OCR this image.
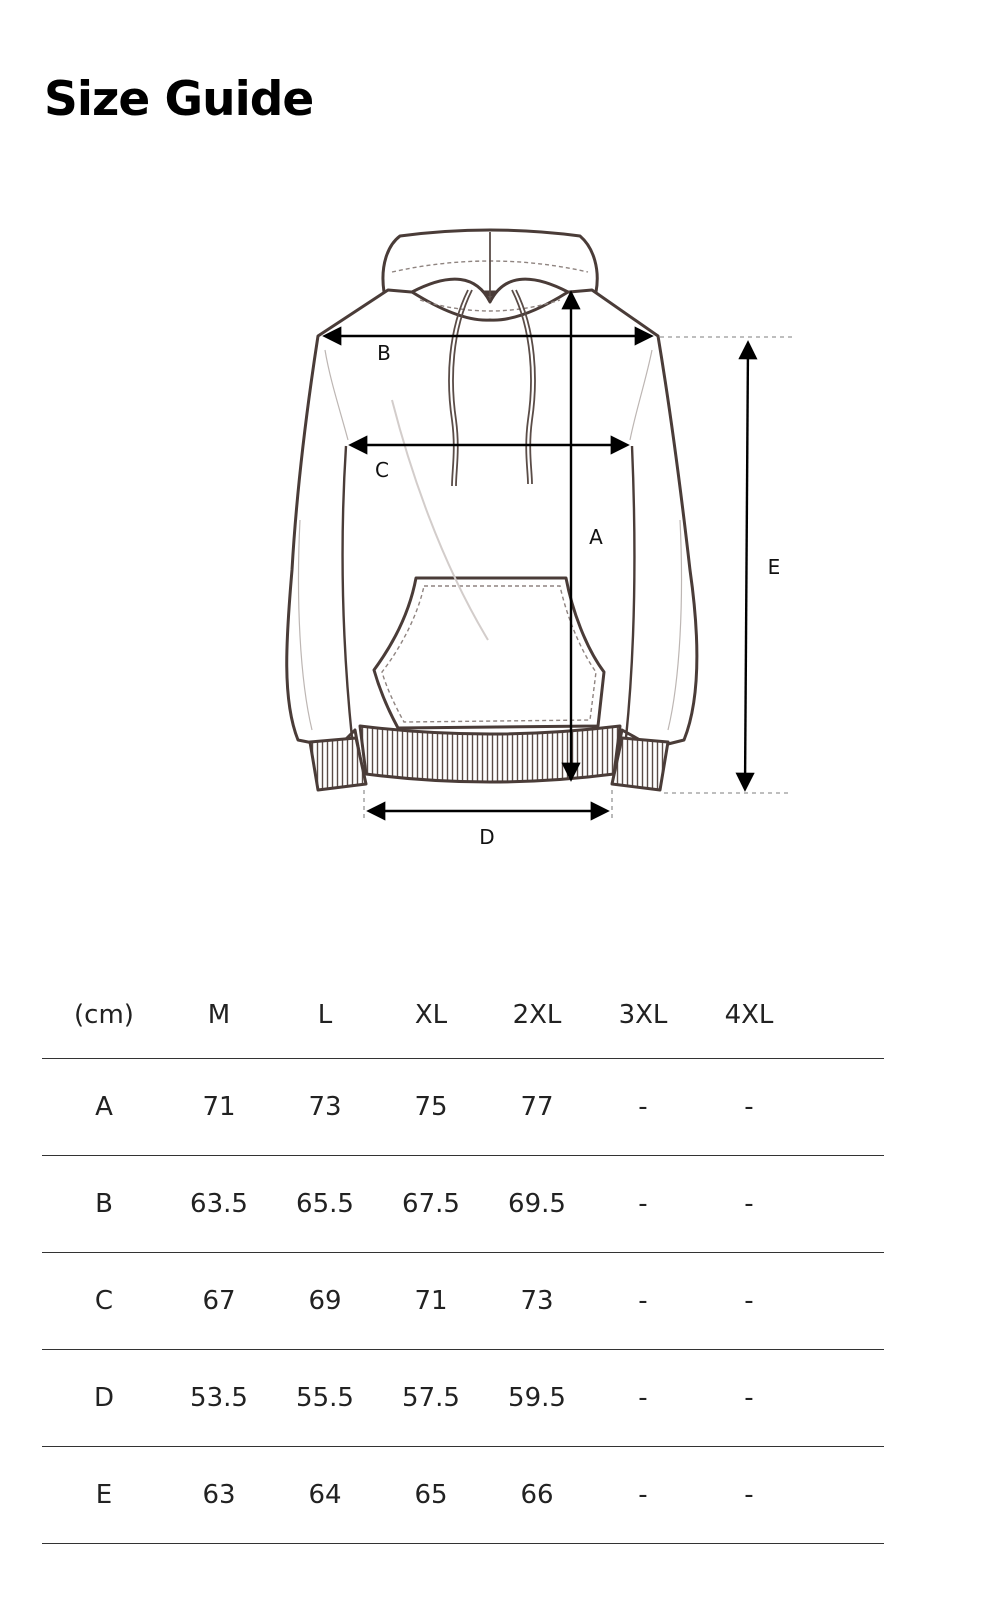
Size Guide
B
C
A
E
D
(cm)	M	L	XL	2XL	3XL	4XL	
A	71	73	75	77	-	-	
B	63.5	65.5	67.5	69.5	-	-	
C	67	69	71	73	-	-	
D	53.5	55.5	57.5	59.5	-	-	
E	63	64	65	66	-	-	
